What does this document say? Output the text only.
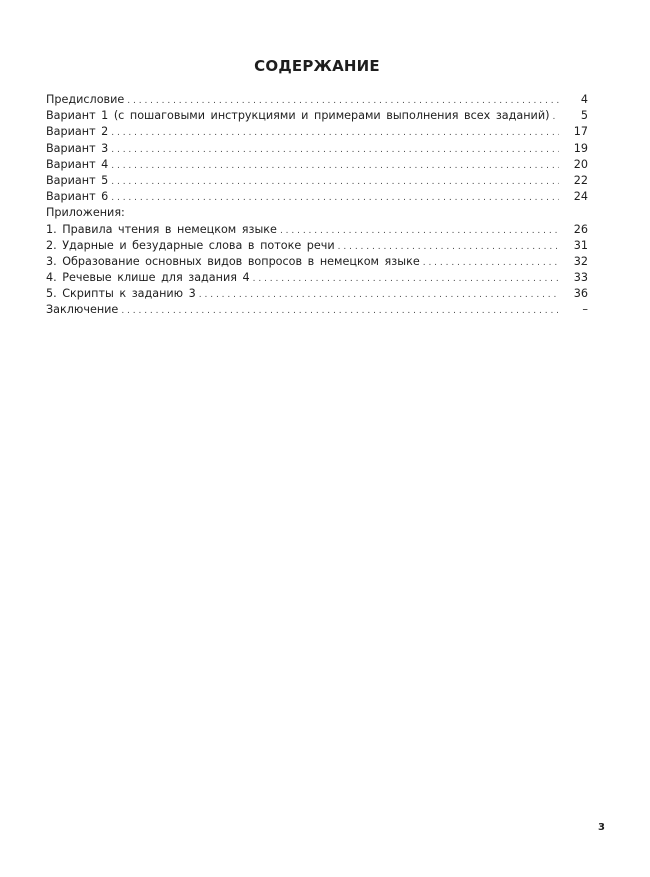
СОДЕРЖАНИЕ
Предисловие . . .	4
Вариант 1 (с пошаговыми инструкциями и примерами выполнения всех заданий) . . .	5
Вариант 2 . . .	17
Вариант 3 . . .	19
Вариант 4 . . .	20
Вариант 5 . . .	22
Вариант 6 . . .	24
Приложения:
1. Правила чтения в немецком языке . . .	26
2. Ударные и безударные слова в потоке речи . . .	31
3. Образование основных видов вопросов в немецком языке . . .	32
4. Речевые клише для задания 4 . . .	33
5. Скрипты к заданию 3 . . .	36
Заключение . . .	–
3
